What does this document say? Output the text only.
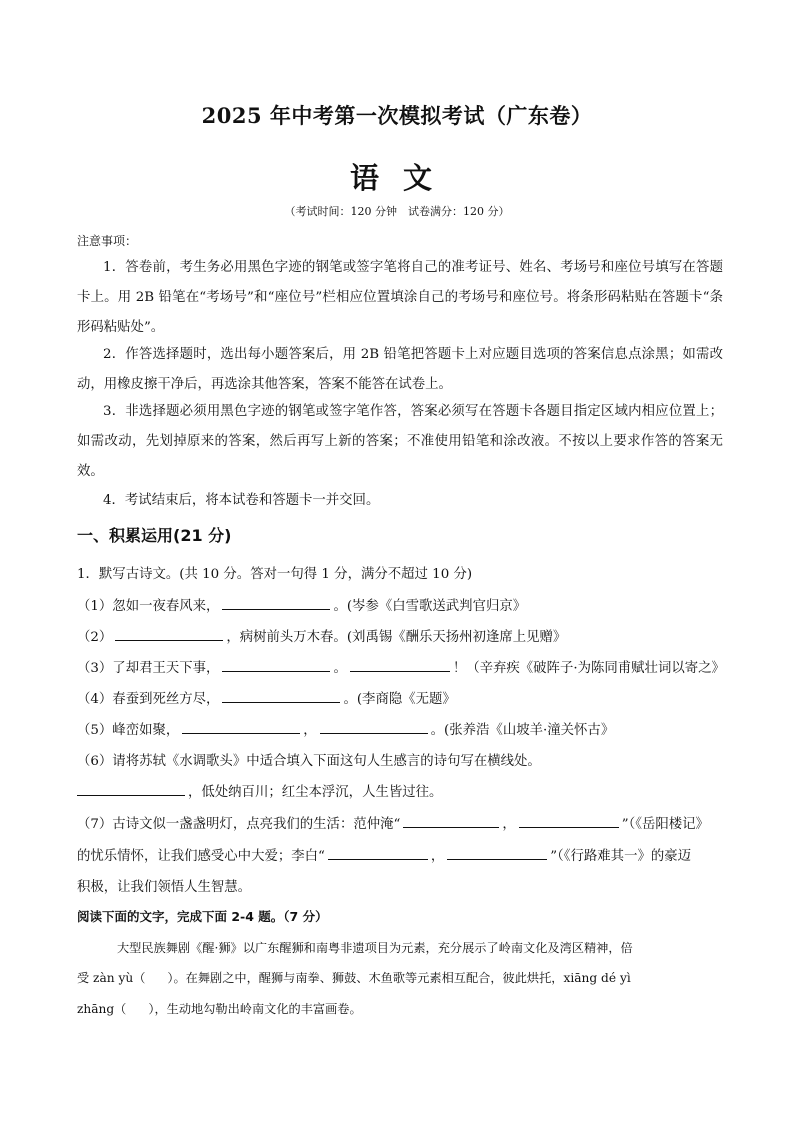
2025 年中考第一次模拟考试（广东卷）
语文
（考试时间：120 分钟　试卷满分：120 分）
注意事项：
1．答卷前，考生务必用黑色字迹的钢笔或签字笔将自己的准考证号、姓名、考场号和座位号填写在答题卡上。用 2B 铅笔在“考场号”和“座位号”栏相应位置填涂自己的考场号和座位号。将条形码粘贴在答题卡“条形码粘贴处”。
2．作答选择题时，选出每小题答案后，用 2B 铅笔把答题卡上对应题目选项的答案信息点涂黑；如需改动，用橡皮擦干净后，再选涂其他答案，答案不能答在试卷上。
3．非选择题必须用黑色字迹的钢笔或签字笔作答，答案必须写在答题卡各题目指定区域内相应位置上；如需改动，先划掉原来的答案，然后再写上新的答案；不准使用铅笔和涂改液。不按以上要求作答的答案无效。
4．考试结束后，将本试卷和答题卡一并交回。
一、积累运用(21 分)
1．默写古诗文。(共 10 分。答对一句得 1 分，满分不超过 10 分)
（1）忽如一夜春风来，	。(岑参《白雪歌送武判官归京》
（2）	，病树前头万木春。(刘禹锡《酬乐天扬州初逢席上见赠》
（3）了却君王天下事，	。	！（辛弃疾《破阵子·为陈同甫赋壮词以寄之》
（4）春蚕到死丝方尽，	。(李商隐《无题》
（5）峰峦如聚，	，	。(张养浩《山坡羊·潼关怀古》
（6）请将苏轼《水调歌头》中适合填入下面这句人生感言的诗句写在横线处。
，低处纳百川；红尘本浮沉，人生皆过往。
（7）古诗文似一盏盏明灯，点亮我们的生活：范仲淹“	，	”（《岳阳楼记》
的忧乐情怀，让我们感受心中大爱；李白“	，	”（《行路难其一》的豪迈
积极，让我们领悟人生智慧。
阅读下面的文字，完成下面 2-4 题。（7 分）
大型民族舞剧《醒·狮》以广东醒狮和南粤非遗项目为元素，充分展示了岭南文化及湾区精神，倍
受 zàn yù（ ）。在舞剧之中，醒狮与南拳、狮鼓、木鱼歌等元素相互配合，彼此烘托，xiāng dé yì
zhāng（ ），生动地勾勒出岭南文化的丰富画卷。
